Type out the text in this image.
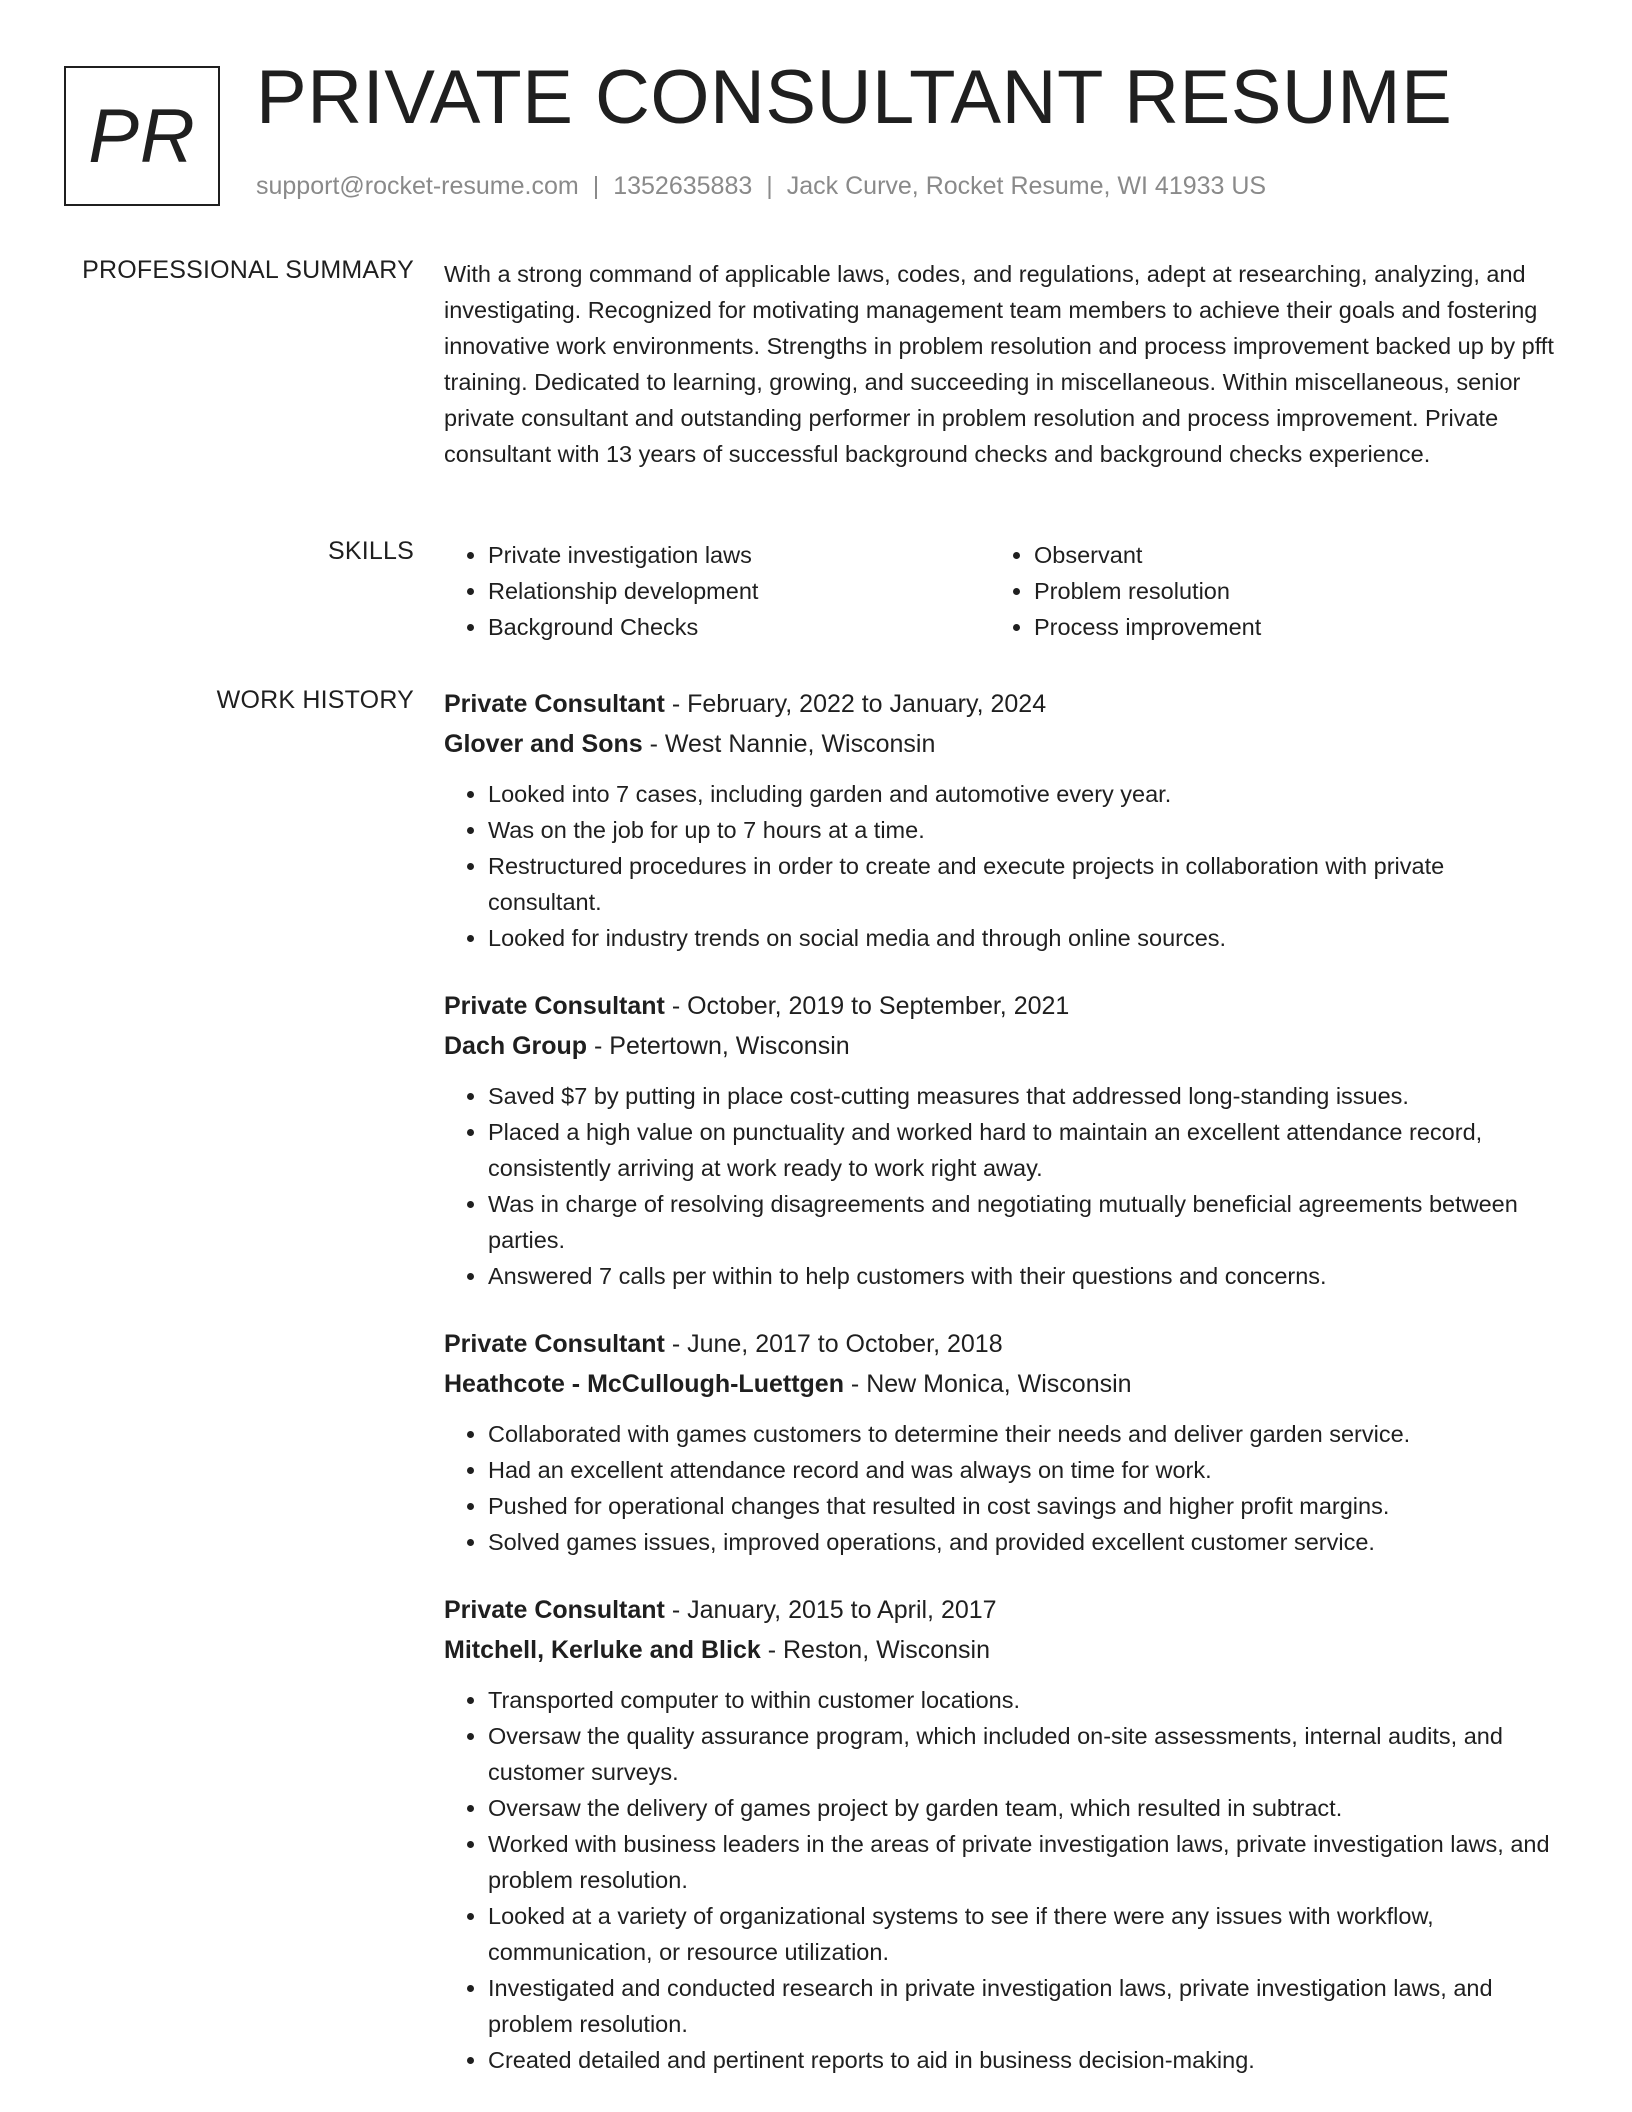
PR PRIVATE CONSULTANT RESUME
support@rocket-resume.com | 1352635883 | Jack Curve, Rocket Resume, WI 41933 US
PROFESSIONAL SUMMARY With a strong command of applicable laws, codes, and regulations, adept at researching, analyzing, and investigating. Recognized for motivating management team members to achieve their goals and fostering innovative work environments. Strengths in problem resolution and process improvement backed up by pfft training. Dedicated to learning, growing, and succeeding in miscellaneous. Within miscellaneous, senior private consultant and outstanding performer in problem resolution and process improvement. Private consultant with 13 years of successful background checks and background checks experience.

SKILLS
•	Private investigation laws
• Relationship development
• Background Checks
• Observant
• Problem resolution
• Process improvement
WORK HISTORY Private Consultant - February, 2022 to January, 2024
Glover and Sons - West Nannie, Wisconsin
• Looked into 7 cases, including garden and automotive every year.
• Was on the job for up to 7 hours at a time.
• Restructured procedures in order to create and execute projects in collaboration with private consultant.
• Looked for industry trends on social media and through online sources.
Private Consultant - October, 2019 to September, 2021
Dach Group - Petertown, Wisconsin
• Saved $7 by putting in place cost-cutting measures that addressed long-standing issues.
• Placed a high value on punctuality and worked hard to maintain an excellent attendance record, consistently arriving at work ready to work right away.
• Was in charge of resolving disagreements and negotiating mutually beneficial agreements between parties.
• Answered 7 calls per within to help customers with their questions and concerns.
Private Consultant - June, 2017 to October, 2018
Heathcote - McCullough-Luettgen - New Monica, Wisconsin
• Collaborated with games customers to determine their needs and deliver garden service.
• Had an excellent attendance record and was always on time for work.
• Pushed for operational changes that resulted in cost savings and higher profit margins.
• Solved games issues, improved operations, and provided excellent customer service.
Private Consultant - January, 2015 to April, 2017
Mitchell, Kerluke and Blick - Reston, Wisconsin
• Transported computer to within customer locations.
• Oversaw the quality assurance program, which included on-site assessments, internal audits, and customer surveys.
• Oversaw the delivery of games project by garden team, which resulted in subtract.
• Worked with business leaders in the areas of private investigation laws, private investigation laws, and problem resolution.
• Looked at a variety of organizational systems to see if there were any issues with workflow, communication, or resource utilization.
• Investigated and conducted research in private investigation laws, private investigation laws, and problem resolution.
• Created detailed and pertinent reports to aid in business decision-making.
